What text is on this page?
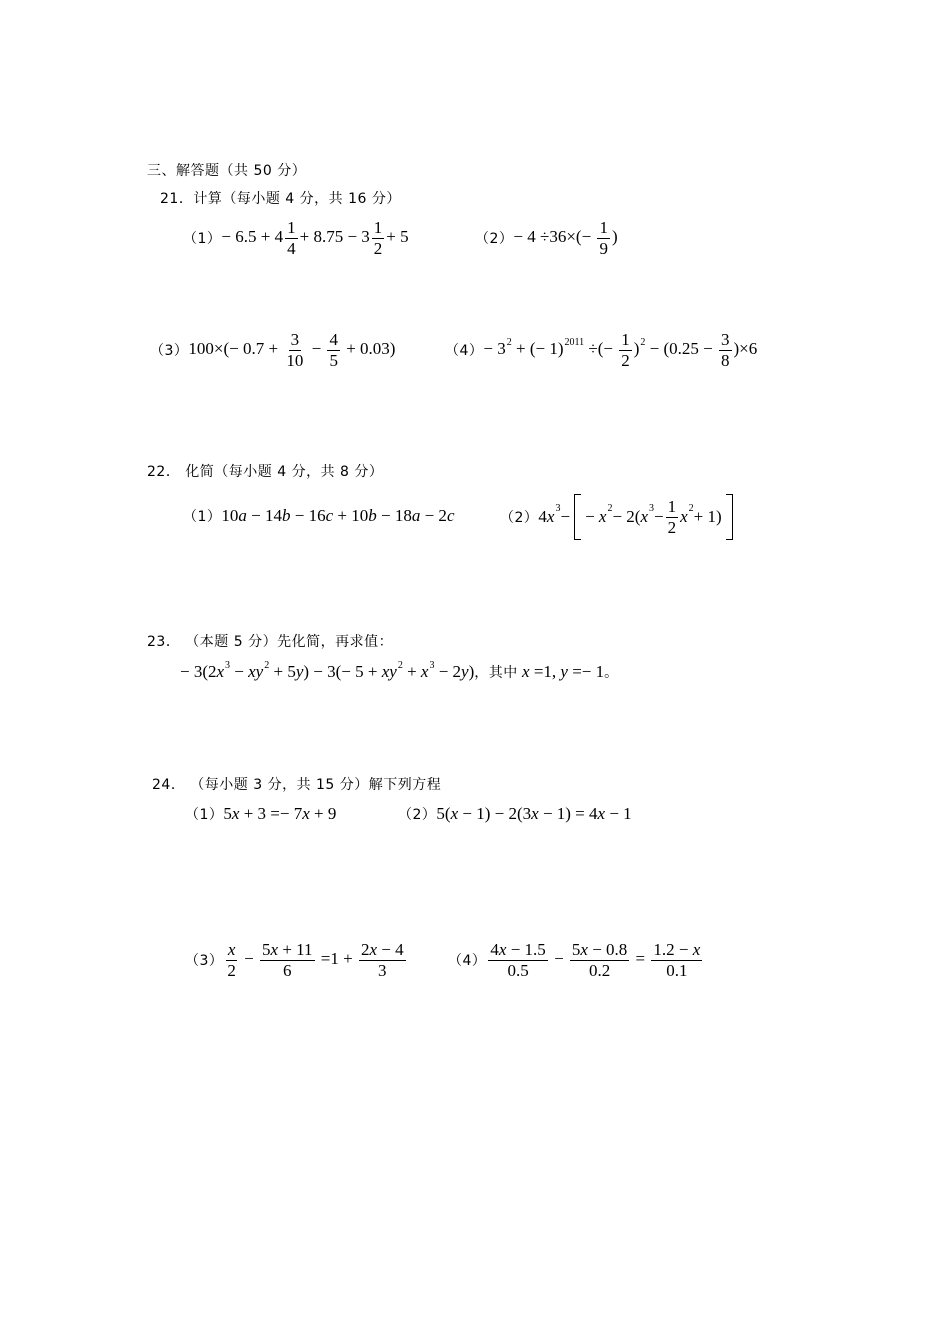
三、解答题（共 50 分）
21．计算（每小题 4 分，共 16 分）
$(1) - 6.5 + 4 \frac{1}{4} + 8.75 - 3 \frac{1}{2} + 5$	$(2) - 4 \div 36\times(- \frac{1}{9}$ )
（3） $100\times(- 0.7 + \frac{3}{10} - \frac{4}{5} + 0.03)$	$(4) - 3^2$ + (− 1)$^{2011}$ ÷(− $\frac{1}{2} )^2 - (0.25 - \frac{3}{8} )\times 6$
22． 化简（每小题 4 分，共 8 分）
（1） 10a − 14b − 16c + 10b − 18a − 2c	（2） 4 x 3 −
− x 2 − 2( x $3 - \frac{1}{2}$ x 2 + 1)
23． （本题 5 分）先化简，再求值：
− $3(2x^3 - xy^2 + 5y) - 3(- 5 + xy^2 + x^3 - 2y)$ ，其中 x =1, y =− 1 。
24． （每小题 3 分，共 15 分）解下列方程
（1） 5x + 3 =− 7x + 9	（2） 5(x − 1) − 2(3x − 1) = 4x − 1
$(3) \frac{x}{2} - \frac{5x + 11}{6} =1 + \frac{2x - 4}{3}$	$(4) \frac{4x - 1.5}{0.5} - \frac{5x - 0.8}{0.2} = \frac{1.2 - x}{0.1}$
